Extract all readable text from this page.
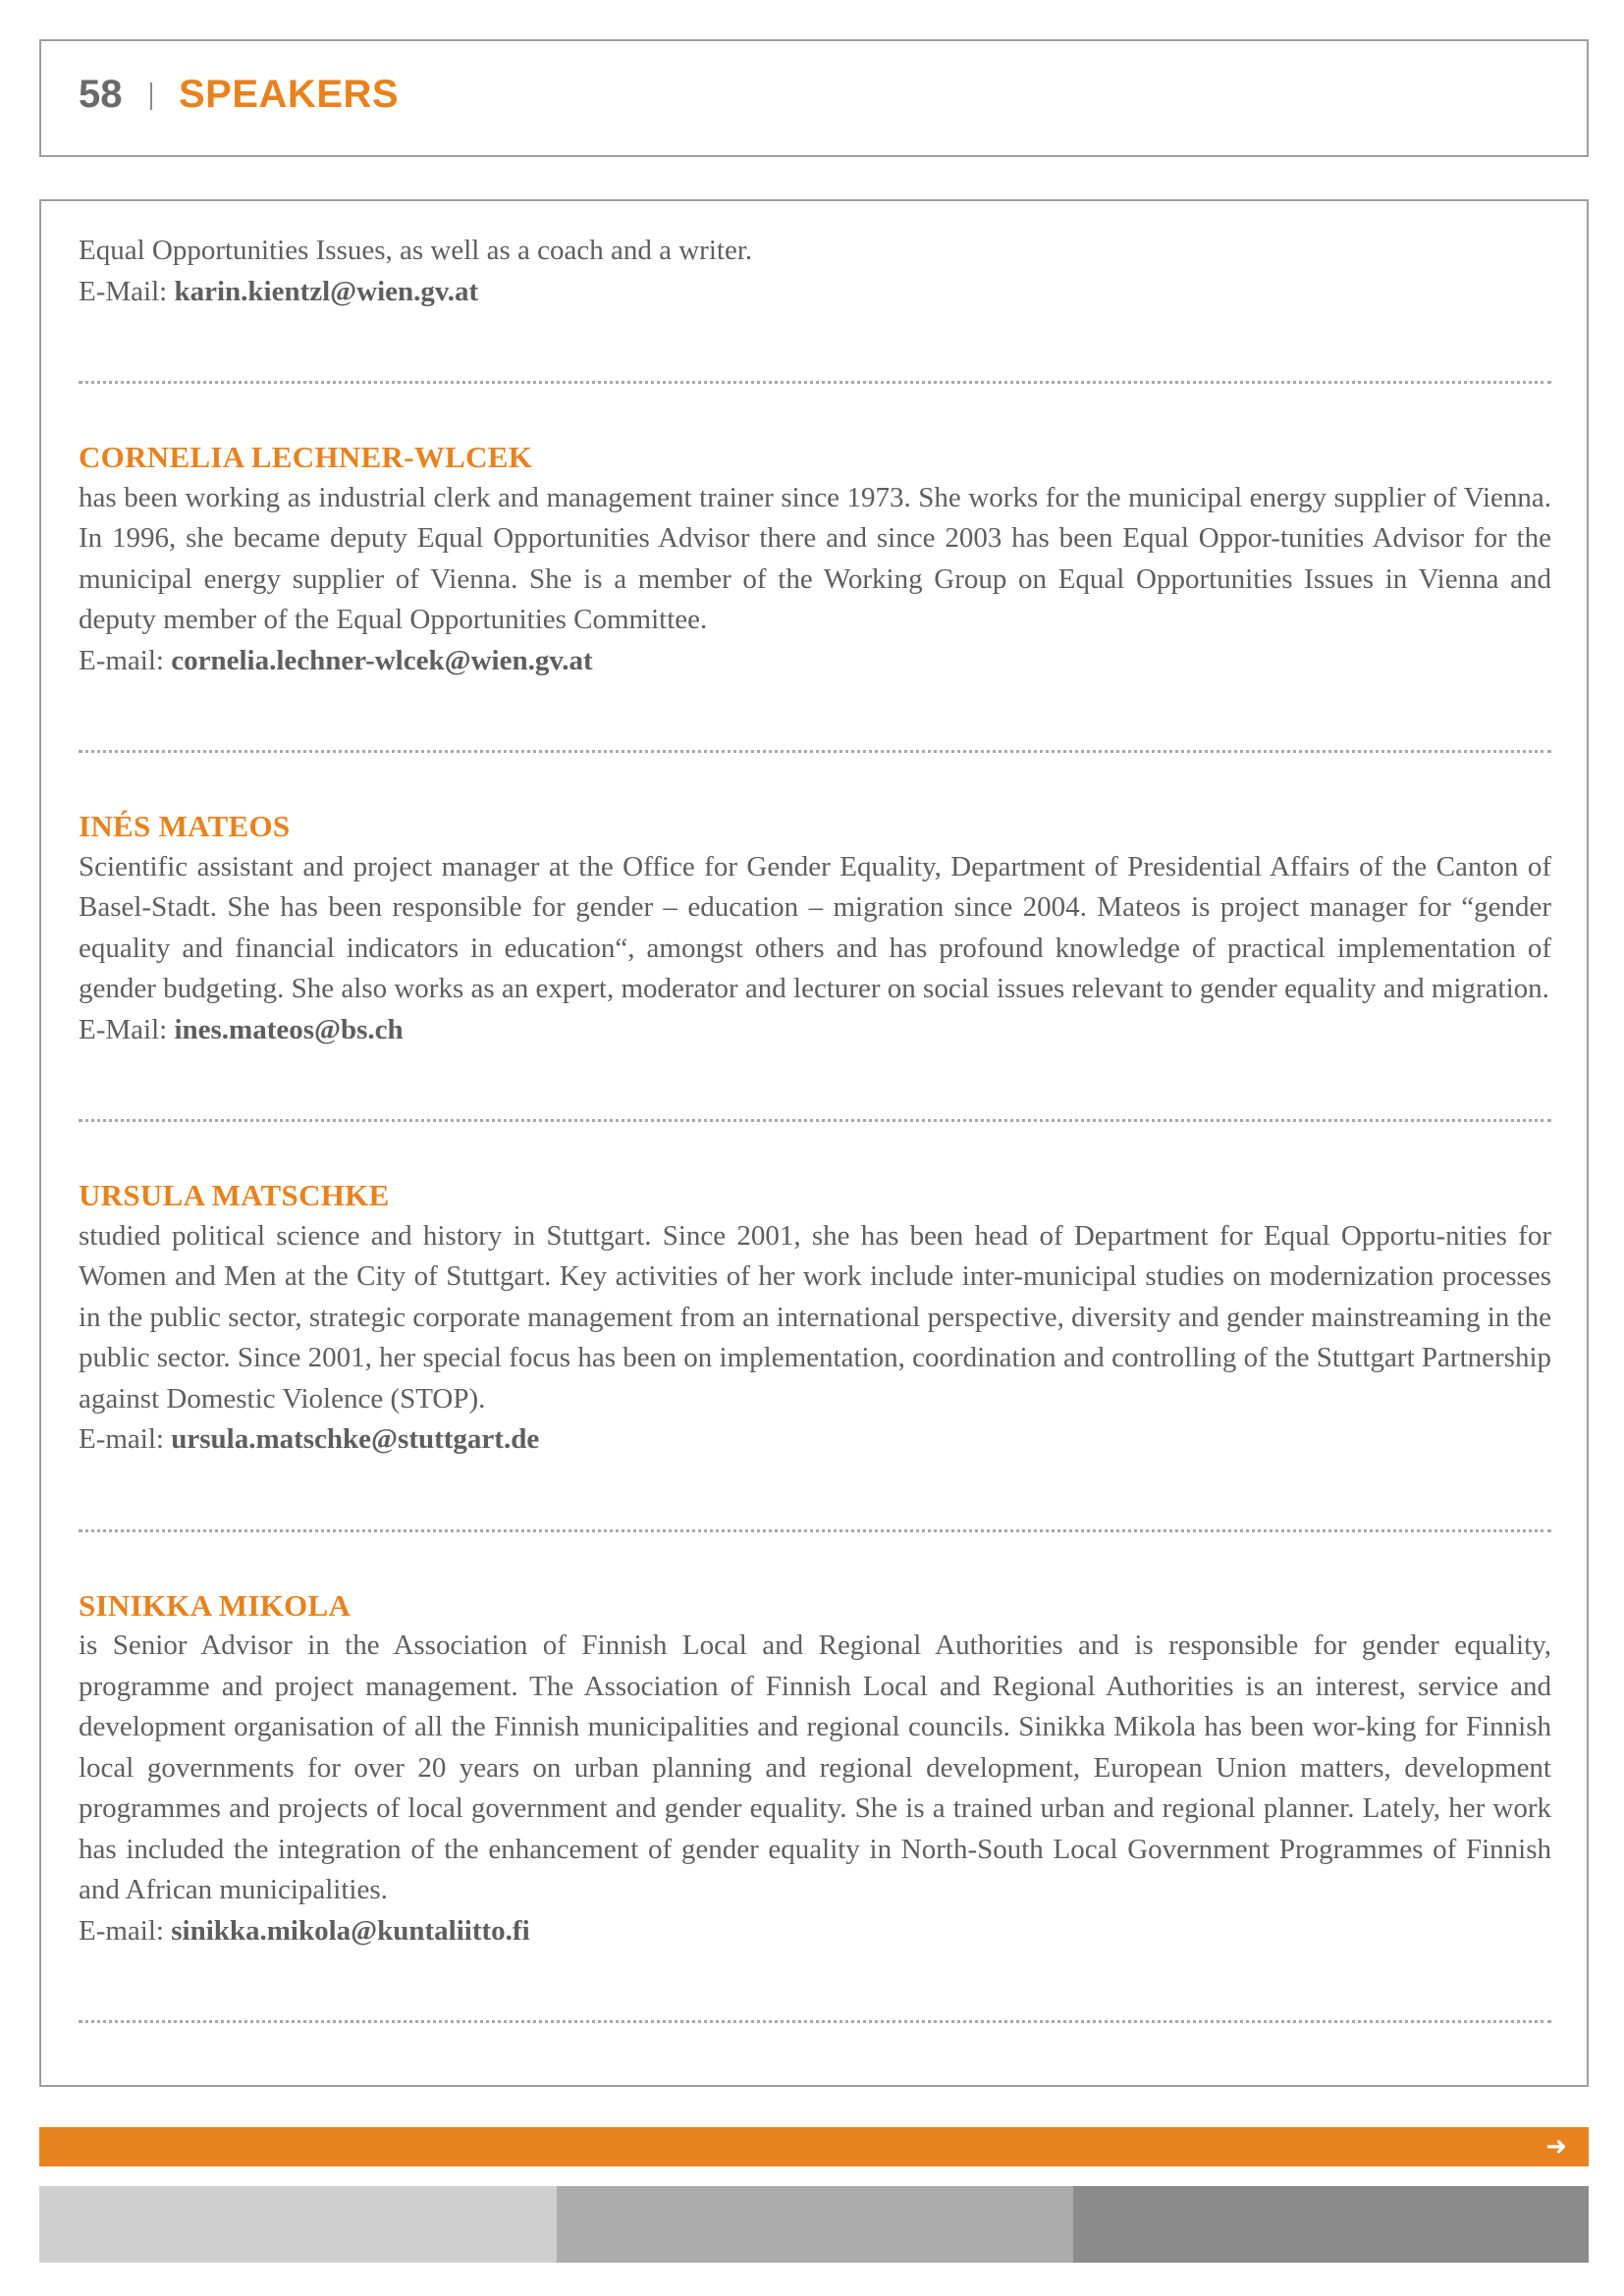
58 SPEAKERS

Equal Opportunities Issues, as well as a coach and a writer.

E-Mail: karin.kientzl@wien.gv.at
CORNELIA LECHNER-WLCEK

has been working as industrial clerk and management trainer since 1973. She works for the municipal energy supplier of Vienna. In 1996, she became deputy Equal Opportunities Advisor there and since 2003 has been Equal Oppor-tunities Advisor for the municipal energy supplier of Vienna. She is a member of the Working Group on Equal Opportunities Issues in Vienna and deputy member of the Equal Opportunities Committee.

E-mail: cornelia.lechner-wlcek@wien.gv.at
INÉS MATEOS

Scientific assistant and project manager at the Office for Gender Equality, Department of Presidential Affairs of the Canton of Basel-Stadt. She has been responsible for gender – education – migration since 2004. Mateos is project manager for “gender equality and financial indicators in education“, amongst others and has profound knowledge of practical implementation of gender budgeting. She also works as an expert, moderator and lecturer on social issues relevant to gender equality and migration.

E-Mail: ines.mateos@bs.ch
URSULA MATSCHKE

studied political science and history in Stuttgart. Since 2001, she has been head of Department for Equal Opportu-nities for Women and Men at the City of Stuttgart. Key activities of her work include inter-municipal studies on modernization processes in the public sector, strategic corporate management from an international perspective, diversity and gender mainstreaming in the public sector. Since 2001, her special focus has been on implementation, coordination and controlling of the Stuttgart Partnership against Domestic Violence (STOP).

E-mail: ursula.matschke@stuttgart.de
SINIKKA MIKOLA

is Senior Advisor in the Association of Finnish Local and Regional Authorities and is responsible for gender equality, programme and project management. The Association of Finnish Local and Regional Authorities is an interest, service and development organisation of all the Finnish municipalities and regional councils. Sinikka Mikola has been wor-king for Finnish local governments for over 20 years on urban planning and regional development, European Union matters, development programmes and projects of local government and gender equality. She is a trained urban and regional planner. Lately, her work has included the integration of the enhancement of gender equality in North-South Local Government Programmes of Finnish and African municipalities.

E-mail: sinikka.mikola@kuntaliitto.fi
➜
